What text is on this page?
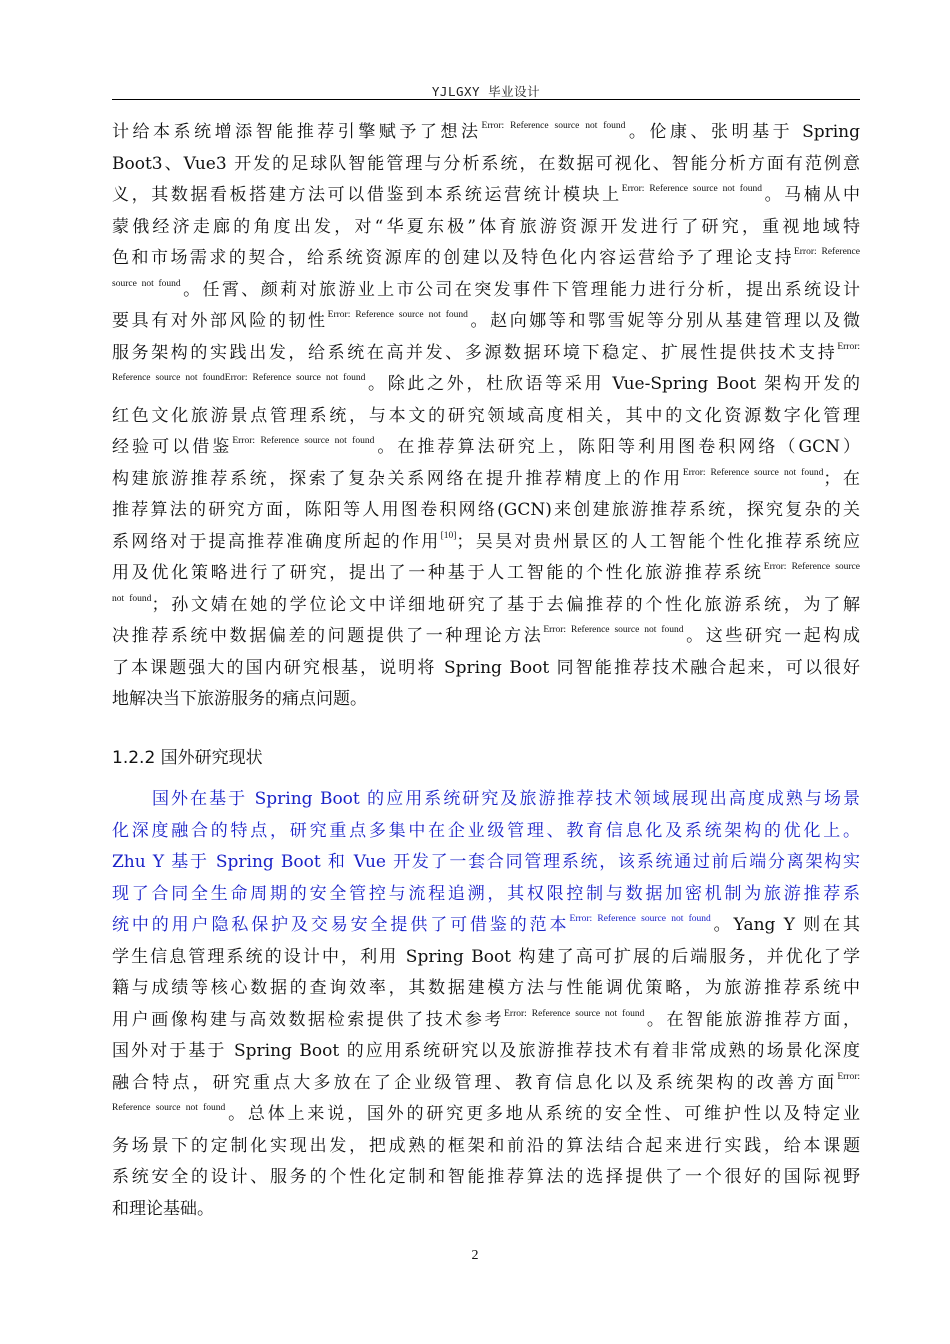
YJLGXY 毕业设计
计给本系统增添智能推荐引擎赋予了想法$^{Error: Reference source not found}$。伦康、张明基于 Spring
Boot3、Vue3 开发的足球队智能管理与分析系统，在数据可视化、智能分析方面有范例意
义，其数据看板搭建方法可以借鉴到本系统运营统计模块上$^{Error: Reference source not found}$。马楠从中
蒙俄经济走廊的角度出发，对“华夏东极”体育旅游资源开发进行了研究，重视地域特
色和市场需求的契合，给系统资源库的创建以及特色化内容运营给予了理论支持$^{Error: Reference}$
$^{source not found}$。任霄、颜莉对旅游业上市公司在突发事件下管理能力进行分析，提出系统设计
要具有对外部风险的韧性$^{Error: Reference source not found}$。赵向娜等和鄂雪妮等分别从基建管理以及微
服务架构的实践出发，给系统在高并发、多源数据环境下稳定、扩展性提供技术支持$^{Error:}$
$^{Reference source not foundError: Reference source not found}$。除此之外，杜欣语等采用 Vue-Spring Boot 架构开发的
红色文化旅游景点管理系统，与本文的研究领域高度相关，其中的文化资源数字化管理
经验可以借鉴$^{Error: Reference source not found}$。在推荐算法研究上，陈阳等利用图卷积网络（GCN）
构建旅游推荐系统，探索了复杂关系网络在提升推荐精度上的作用$^{Error: Reference source not found}$；在
推荐算法的研究方面，陈阳等人用图卷积网络(GCN)来创建旅游推荐系统，探究复杂的关
系网络对于提高推荐准确度所起的作用[10]；吴昊对贵州景区的人工智能个性化推荐系统应
用及优化策略进行了研究，提出了一种基于人工智能的个性化旅游推荐系统$^{Error: Reference source}$
$^{not found}$；孙文婧在她的学位论文中详细地研究了基于去偏推荐的个性化旅游系统，为了解
决推荐系统中数据偏差的问题提供了一种理论方法$^{Error: Reference source not found}$。这些研究一起构成
了本课题强大的国内研究根基，说明将 Spring Boot 同智能推荐技术融合起来，可以很好
地解决当下旅游服务的痛点问题。
1.2.2 国外研究现状
国外在基于 Spring Boot 的应用系统研究及旅游推荐技术领域展现出高度成熟与场景
化深度融合的特点，研究重点多集中在企业级管理、教育信息化及系统架构的优化上。
Zhu Y 基于 Spring Boot 和 Vue 开发了一套合同管理系统，该系统通过前后端分离架构实
现了合同全生命周期的安全管控与流程追溯，其权限控制与数据加密机制为旅游推荐系
统中的用户隐私保护及交易安全提供了可借鉴的范本$^{Error: Reference source not found}$。Yang Y 则在其
学生信息管理系统的设计中，利用 Spring Boot 构建了高可扩展的后端服务，并优化了学
籍与成绩等核心数据的查询效率，其数据建模方法与性能调优策略，为旅游推荐系统中
用户画像构建与高效数据检索提供了技术参考$^{Error: Reference source not found}$。在智能旅游推荐方面，
国外对于基于 Spring Boot 的应用系统研究以及旅游推荐技术有着非常成熟的场景化深度
融合特点，研究重点大多放在了企业级管理、教育信息化以及系统架构的改善方面$^{Error:}$
$^{Reference source not found}$。总体上来说，国外的研究更多地从系统的安全性、可维护性以及特定业
务场景下的定制化实现出发，把成熟的框架和前沿的算法结合起来进行实践，给本课题
系统安全的设计、服务的个性化定制和智能推荐算法的选择提供了一个很好的国际视野
和理论基础。
2
